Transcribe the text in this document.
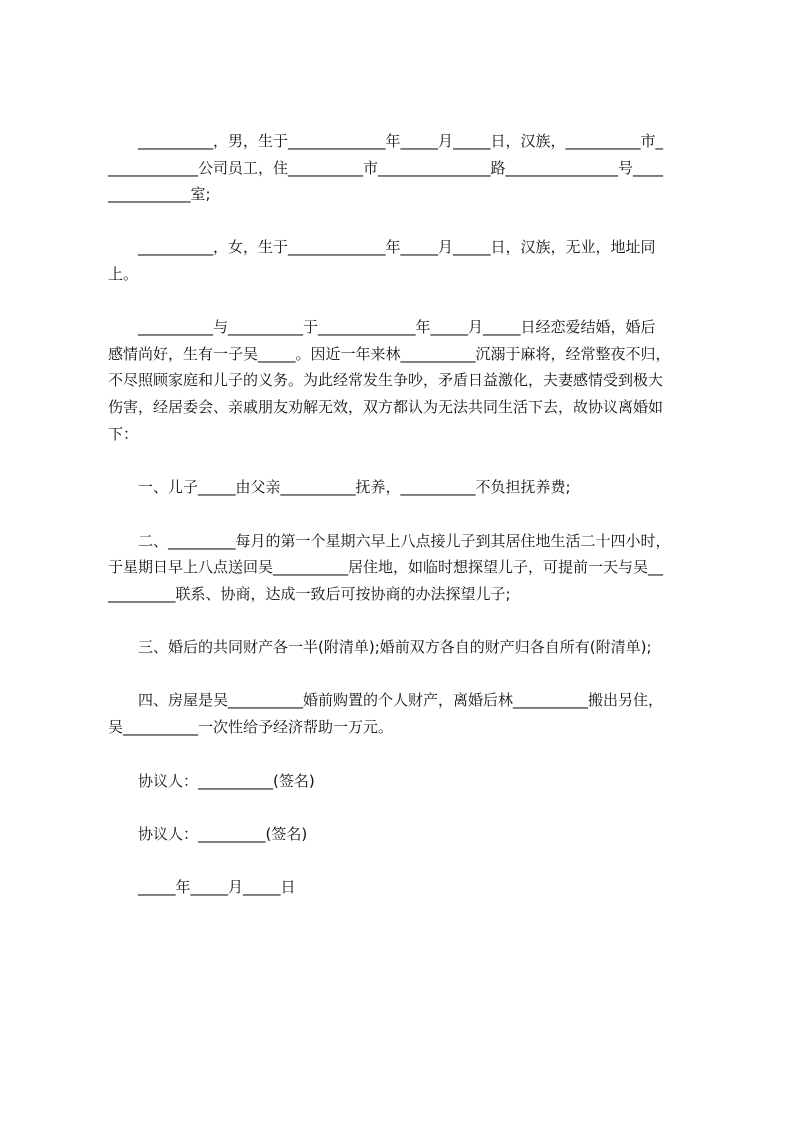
　　__________，男，生于_____________年_____月_____日，汉族，__________市_
____________公司员工，住__________市_______________路_______________号____
___________室;
　　__________，女，生于_____________年_____月_____日，汉族，无业，地址同
上。
　　__________与__________于_____________年_____月_____日经恋爱结婚，婚后
感情尚好，生有一子吴_____。因近一年来林__________沉溺于麻将，经常整夜不归，
不尽照顾家庭和儿子的义务。为此经常发生争吵，矛盾日益激化，夫妻感情受到极大
伤害，经居委会、亲戚朋友劝解无效，双方都认为无法共同生活下去，故协议离婚如
下：
　　一、儿子_____由父亲__________抚养，__________不负担抚养费;
　　二、_________每月的第一个星期六早上八点接儿子到其居住地生活二十四小时，
于星期日早上八点送回吴__________居住地，如临时想探望儿子，可提前一天与吴__
_________联系、协商，达成一致后可按协商的办法探望儿子;
　　三、婚后的共同财产各一半(附清单);婚前双方各自的财产归各自所有(附清单);
　　四、房屋是吴__________婚前购置的个人财产，离婚后林__________搬出另住，
吴__________一次性给予经济帮助一万元。
　　协议人：__________(签名)
　　协议人：_________(签名)
　　_____年_____月_____日
